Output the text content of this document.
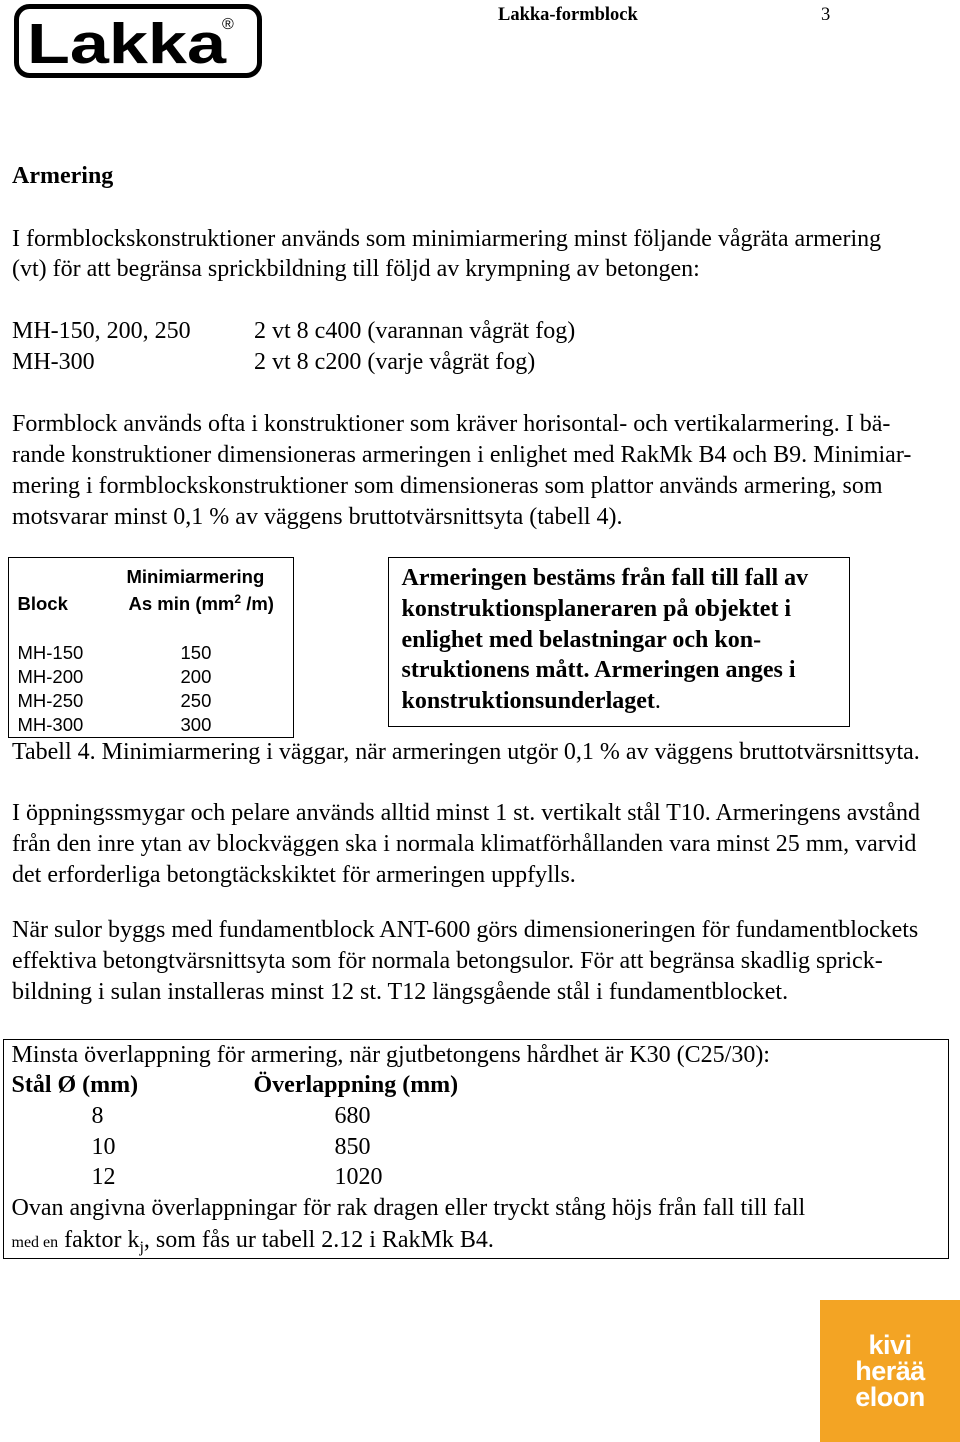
Lakka
®	Lakka-formblock	3
Armering
I formblockskonstruktioner används som minimiarmering minst följande vågräta armering
(vt) för att begränsa sprickbildning till följd av krympning av betongen:
MH-150, 200, 250	2 vt 8 c400 (varannan vågrät fog)
MH-300	2 vt 8 c200 (varje vågrät fog)
Formblock används ofta i konstruktioner som kräver horisontal- och vertikalarmering. I bä-
rande konstruktioner dimensioneras armeringen i enlighet med RakMk B4 och B9. Minimiar-
mering i formblockskonstruktioner som dimensioneras som plattor används armering, som
motsvarar minst 0,1 % av väggens bruttotvärsnittsyta (tabell 4).
Minimiarmering
Block	As $\min (mm^2$ /m)
MH-150	150
MH-200	200
MH-250	250
MH-300	300
Armeringen bestäms från fall till fall av
konstruktionsplaneraren på objektet i
enlighet med belastningar och kon-
struktionens mått. Armeringen anges i
konstruktionsunderlaget.
Tabell 4. Minimiarmering i väggar, när armeringen utgör 0,1 % av väggens bruttotvärsnittsyta.
I öppningssmygar och pelare används alltid minst 1 st. vertikalt stål T10. Armeringens avstånd
från den inre ytan av blockväggen ska i normala klimatförhållanden vara minst 25 mm, varvid
det erforderliga betongtäckskiktet för armeringen uppfylls.
När sulor byggs med fundamentblock ANT-600 görs dimensioneringen för fundamentblockets
effektiva betongtvärsnittsyta som för normala betongsulor. För att begränsa skadlig sprick-
bildning i sulan installeras minst 12 st. T12 längsgående stål i fundamentblocket.
Minsta överlappning för armering, när gjutbetongens hårdhet är K30 (C25/30):
Stål Ø (mm)	Överlappning (mm)
8	680
10	850
12	1020
Ovan angivna överlappningar för rak dragen eller tryckt stång höjs från fall till fall
med en faktor $k_j$, som fås ur tabell 2.12 i RakMk B4.
kivi
herää
eloon
